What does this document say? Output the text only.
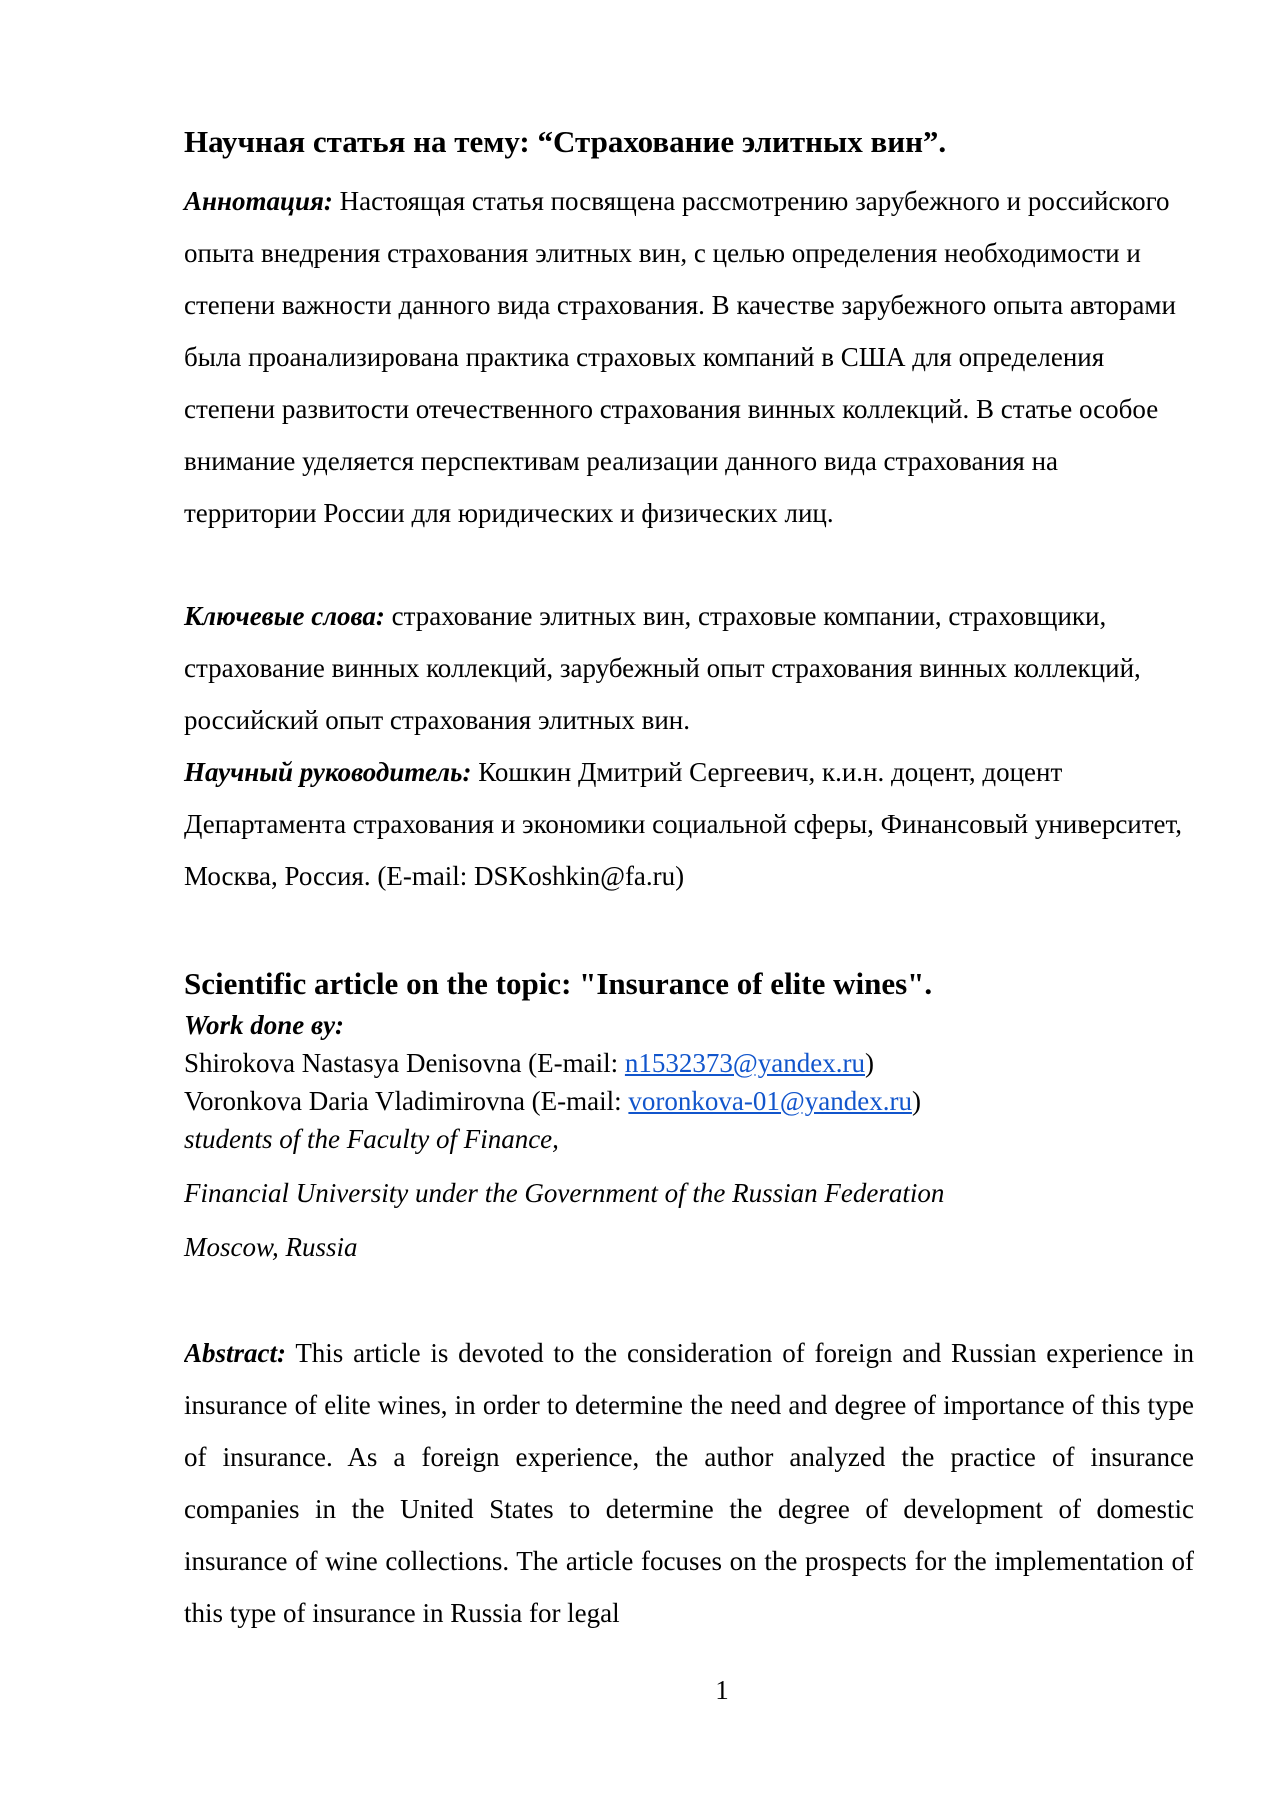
Научная статья на тему: “Страхование элитных вин”.
Аннотация: Настоящая статья посвящена рассмотрению зарубежного и российского опыта внедрения страхования элитных вин, с целью определения необходимости и степени важности данного вида страхования. В качестве зарубежного опыта авторами была проанализирована практика страховых компаний в США для определения степени развитости отечественного страхования винных коллекций. В статье особое внимание уделяется перспективам реализации данного вида страхования на территории России для юридических и физических лиц.
Ключевые слова: страхование элитных вин, страховые компании, страховщики, страхование винных коллекций, зарубежный опыт страхования винных коллекций, российский опыт страхования элитных вин.
Научный руководитель: Кошкин Дмитрий Сергеевич, к.и.н. доцент, доцент Департамента страхования и экономики социальной сферы, Финансовый университет, Москва, Россия. (E-mail: DSKoshkin@fa.ru)
Scientific article on the topic: "Insurance of elite wines".
Work done вy:
Shirokova Nastasya Denisovna (E-mail: n1532373@yandex.ru)
Voronkova Daria Vladimirovna (E-mail: voronkova-01@yandex.ru)
students of the Faculty of Finance,
Financial University under the Government of the Russian Federation
Moscow, Russia
Abstract: This article is devoted to the consideration of foreign and Russian experience in insurance of elite wines, in order to determine the need and degree of importance of this type of insurance. As a foreign experience, the author analyzed the practice of insurance companies in the United States to determine the degree of development of domestic insurance of wine collections. The article focuses on the prospects for the implementation of this type of insurance in Russia for legal
1
